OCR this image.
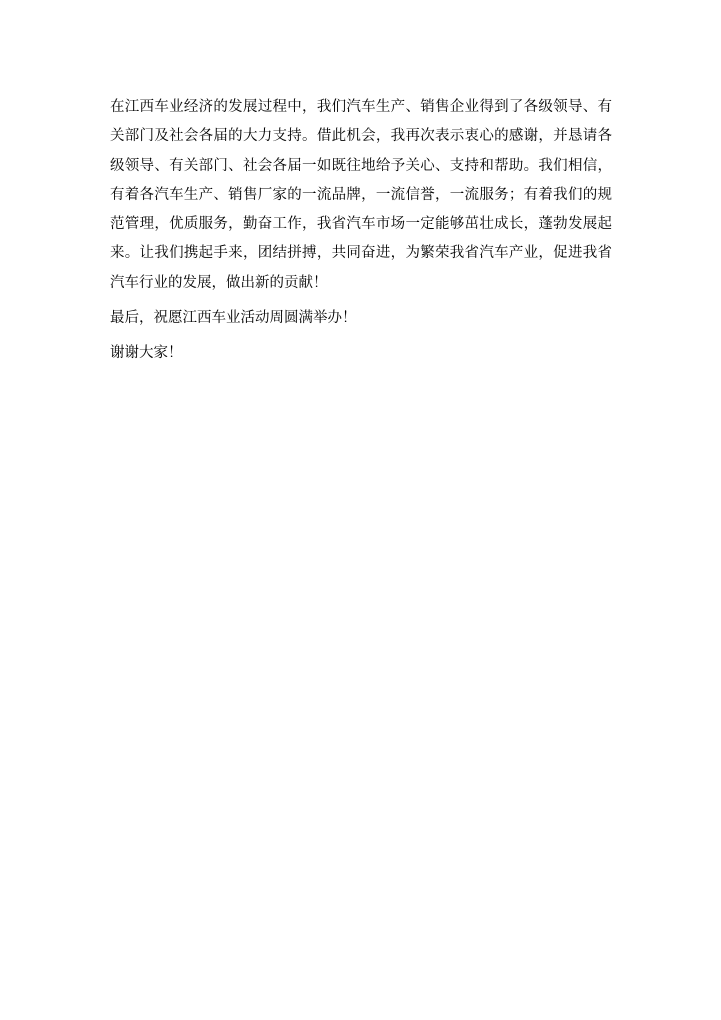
在江西车业经济的发展过程中，我们汽车生产、销售企业得到了各级领导、有关部门及社会各届的大力支持。借此机会，我再次表示衷心的感谢，并恳请各级领导、有关部门、社会各届一如既往地给予关心、支持和帮助。我们相信，有着各汽车生产、销售厂家的一流品牌，一流信誉，一流服务；有着我们的规范管理，优质服务，勤奋工作，我省汽车市场一定能够茁壮成长，蓬勃发展起来。让我们携起手来，团结拼搏，共同奋进，为繁荣我省汽车产业，促进我省汽车行业的发展，做出新的贡献！

最后，祝愿江西车业活动周圆满举办！

谢谢大家！
